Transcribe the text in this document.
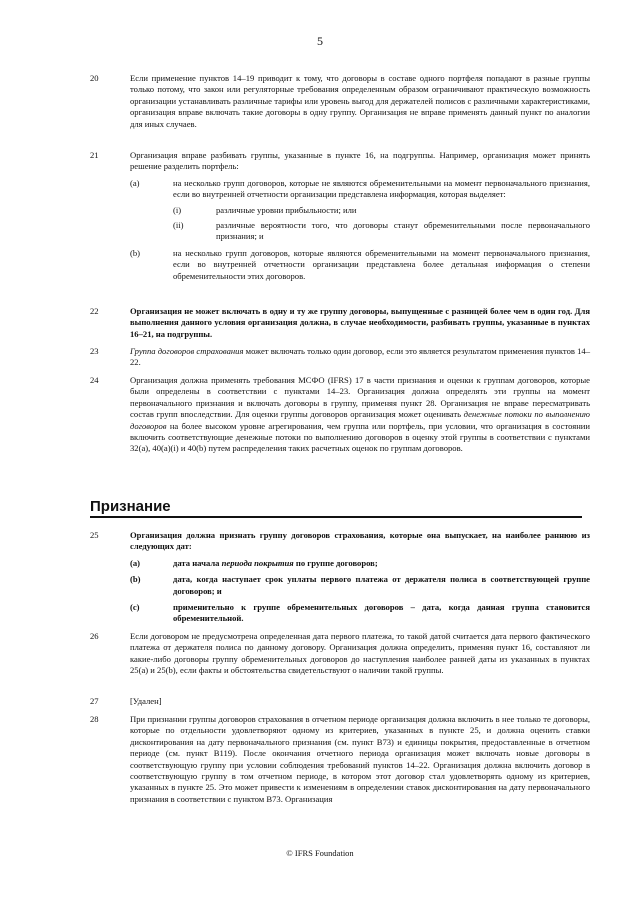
5
20	Если применение пунктов 14–19 приводит к тому, что договоры в составе одного портфеля попадают в разные группы только потому, что закон или регуляторные требования определенным образом ограничивают практическую возможность организации устанавливать различные тарифы или уровень выгод для держателей полисов с различными характеристиками, организация вправе включать такие договоры в одну группу. Организация не вправе применять данный пункт по аналогии для иных случаев.
21	Организация вправе разбивать группы, указанные в пункте 16, на подгруппы. Например, организация может принять решение разделить портфель:
(a)	на несколько групп договоров, которые не являются обременительными на момент первоначального признания, если во внутренней отчетности организации представлена информация, которая выделяет:
(i)	различные уровни прибыльности; или
(ii)	различные вероятности того, что договоры станут обременительными после первоначального признания; и
(b)	на несколько групп договоров, которые являются обременительными на момент первоначального признания, если во внутренней отчетности организации представлена более детальная информация о степени обременительности этих договоров.
22	Организация не может включать в одну и ту же группу договоры, выпущенные с разницей более чем в один год. Для выполнения данного условия организация должна, в случае необходимости, разбивать группы, указанные в пунктах 16–21, на подгруппы.
23	Группа договоров страхования может включать только один договор, если это является результатом применения пунктов 14–22.
24	Организация должна применять требования МСФО (IFRS) 17 в части признания и оценки к группам договоров, которые были определены в соответствии с пунктами 14–23. Организация должна определять эти группы на момент первоначального признания и включать договоры в группу, применяя пункт 28. Организация не вправе пересматривать состав групп впоследствии. Для оценки группы договоров организация может оценивать денежные потоки по выполнению договоров на более высоком уровне агрегирования, чем группа или портфель, при условии, что организация в состоянии включить соответствующие денежные потоки по выполнению договоров в оценку этой группы в соответствии с пунктами 32(a), 40(a)(i) и 40(b) путем распределения таких расчетных оценок по группам договоров.
Признание
25	Организация должна признать группу договоров страхования, которые она выпускает, на наиболее раннюю из следующих дат:
(a)	дата начала периода покрытия по группе договоров;
(b)	дата, когда наступает срок уплаты первого платежа от держателя полиса в соответствующей группе договоров; и
(c)	применительно к группе обременительных договоров – дата, когда данная группа становится обременительной.
26	Если договором не предусмотрена определенная дата первого платежа, то такой датой считается дата первого фактического платежа от держателя полиса по данному договору. Организация должна определить, применяя пункт 16, составляют ли какие-либо договоры группу обременительных договоров до наступления наиболее ранней даты из указанных в пунктах 25(a) и 25(b), если факты и обстоятельства свидетельствуют о наличии такой группы.
27	[Удален]
28	При признании группы договоров страхования в отчетном периоде организация должна включить в нее только те договоры, которые по отдельности удовлетворяют одному из критериев, указанных в пункте 25, и должна оценить ставки дисконтирования на дату первоначального признания (см. пункт B73) и единицы покрытия, предоставленные в отчетном периоде (см. пункт B119). После окончания отчетного периода организация может включать новые договоры в соответствующую группу при условии соблюдения требований пунктов 14–22. Организация должна включить договор в соответствующую группу в том отчетном периоде, в котором этот договор стал удовлетворять одному из критериев, указанных в пункте 25. Это может привести к изменениям в определении ставок дисконтирования на дату первоначального признания в соответствии с пунктом B73. Организация
© IFRS Foundation
